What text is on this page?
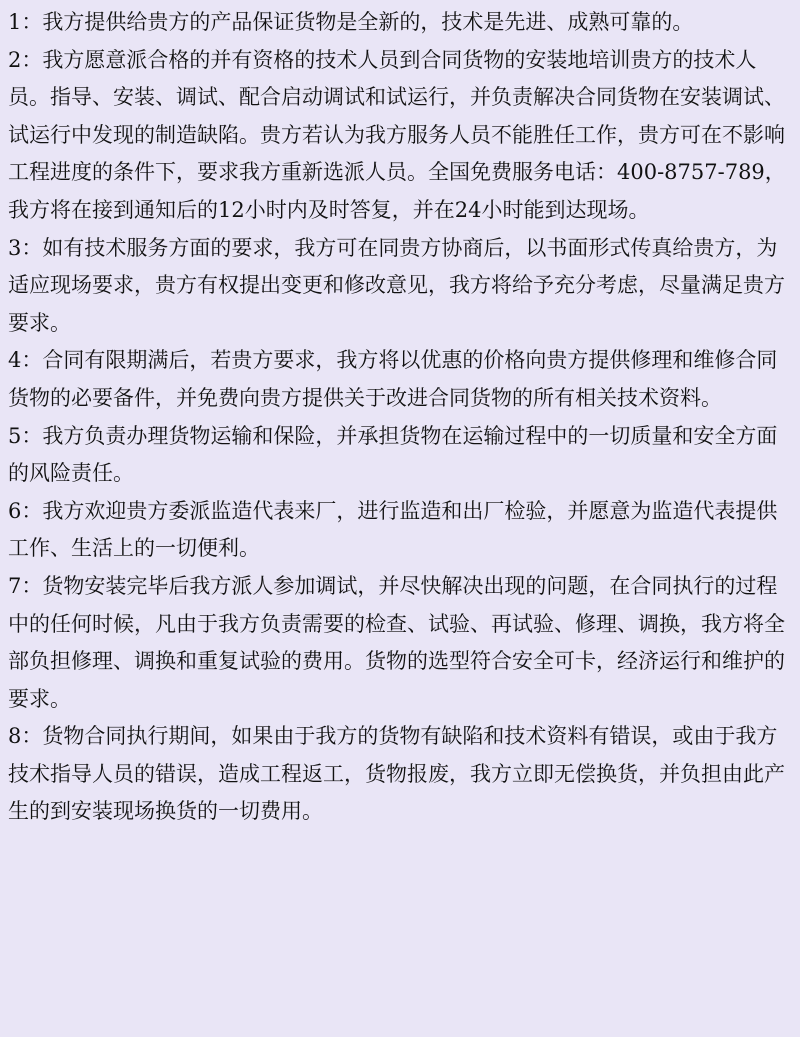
1：我方提供给贵方的产品保证货物是全新的，技术是先进、成熟可靠的。
2：我方愿意派合格的并有资格的技术人员到合同货物的安装地培训贵方的技术人员。指导、安装、调试、配合启动调试和试运行，并负责解决合同货物在安装调试、试运行中发现的制造缺陷。贵方若认为我方服务人员不能胜任工作，贵方可在不影响工程进度的条件下，要求我方重新选派人员。全国免费服务电话：400-8757-789，我方将在接到通知后的12小时内及时答复，并在24小时能到达现场。
3：如有技术服务方面的要求，我方可在同贵方协商后，以书面形式传真给贵方，为适应现场要求，贵方有权提出变更和修改意见，我方将给予充分考虑，尽量满足贵方要求。
4：合同有限期满后，若贵方要求，我方将以优惠的价格向贵方提供修理和维修合同货物的必要备件，并免费向贵方提供关于改进合同货物的所有相关技术资料。
5：我方负责办理货物运输和保险，并承担货物在运输过程中的一切质量和安全方面的风险责任。
6：我方欢迎贵方委派监造代表来厂，进行监造和出厂检验，并愿意为监造代表提供工作、生活上的一切便利。
7：货物安装完毕后我方派人参加调试，并尽快解决出现的问题，在合同执行的过程中的任何时候，凡由于我方负责需要的检查、试验、再试验、修理、调换，我方将全部负担修理、调换和重复试验的费用。货物的选型符合安全可卡，经济运行和维护的要求。
8：货物合同执行期间，如果由于我方的货物有缺陷和技术资料有错误，或由于我方技术指导人员的错误，造成工程返工，货物报废，我方立即无偿换货，并负担由此产生的到安装现场换货的一切费用。
